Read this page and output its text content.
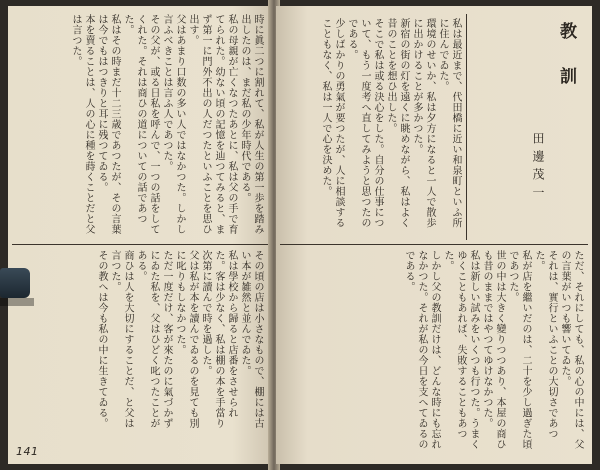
時に眞二つに割れて、私が人生の第一歩を踏み出したのは、まだ私の少年時代である。
私の母親が亡くなつたあとに、私は父の手で育てられた。幼ない頃の記憶を辿つてみると、まず第一に門外不出の人だつたといふことを思ひ出す。
父はあまり口数の多い人ではなかつた。しかし言ふべきことは言ふ人であつた。
その父が、或る日私を呼んで、一つの話をしてくれた。それは商ひの道についての話であつた。
私はその時まだ十二三歳であつたが、その言葉は今でもはつきりと耳に残つてゐる。
本を賣ることは、人の心に種を蒔くことだと父は言つた。
その頃の店は小さなもので、棚には古い本が雑然と並んでゐた。
私は學校から歸ると店番をさせられた。客は少なく、私は棚の本を手當り次第に讀んで時を過した。
父は私が本を讀んでゐるのを見ても別に叱りもしなかつた。
ただ一度だけ、客が來たのに氣づかずにゐた私を、父はひどく叱つたことがある。
商ひは人を大切にすることだ、と父は言つた。
その教へは今も私の中に生きてゐる。
141
私は最近まで、代田橋に近い和泉町といふ所に住んでゐた。
環境のせいか、私は夕方になると一人で散歩に出かけることが多かつた。
新宿の街の灯を遠くに眺めながら、私はよく昔のことを想ひ出した。
そこで私は或る決心をした。自分の仕事について、もう一度考へ直してみようと思つたのである。
少しばかりの勇氣が要つたが、人に相談することもなく、私は一人で心を決めた。	教訓
田邊茂一
ただ、それにしても、私の心の中には、父の言葉がいつも響いてゐた。
それは、實行といふことの大切さであつた。
私が店を繼いだのは、二十を少し過ぎた頃であつた。
世の中は大きく變りつつあり、本屋の商ひも昔のままではやつてゆけなかつた。
私は新しい試みをいくつも行つた。うまくゆくこともあれば、失敗することもあつた。
しかし父の教訓だけは、どんな時にも忘れなかつた。それが私の今日を支へてゐるのである。
